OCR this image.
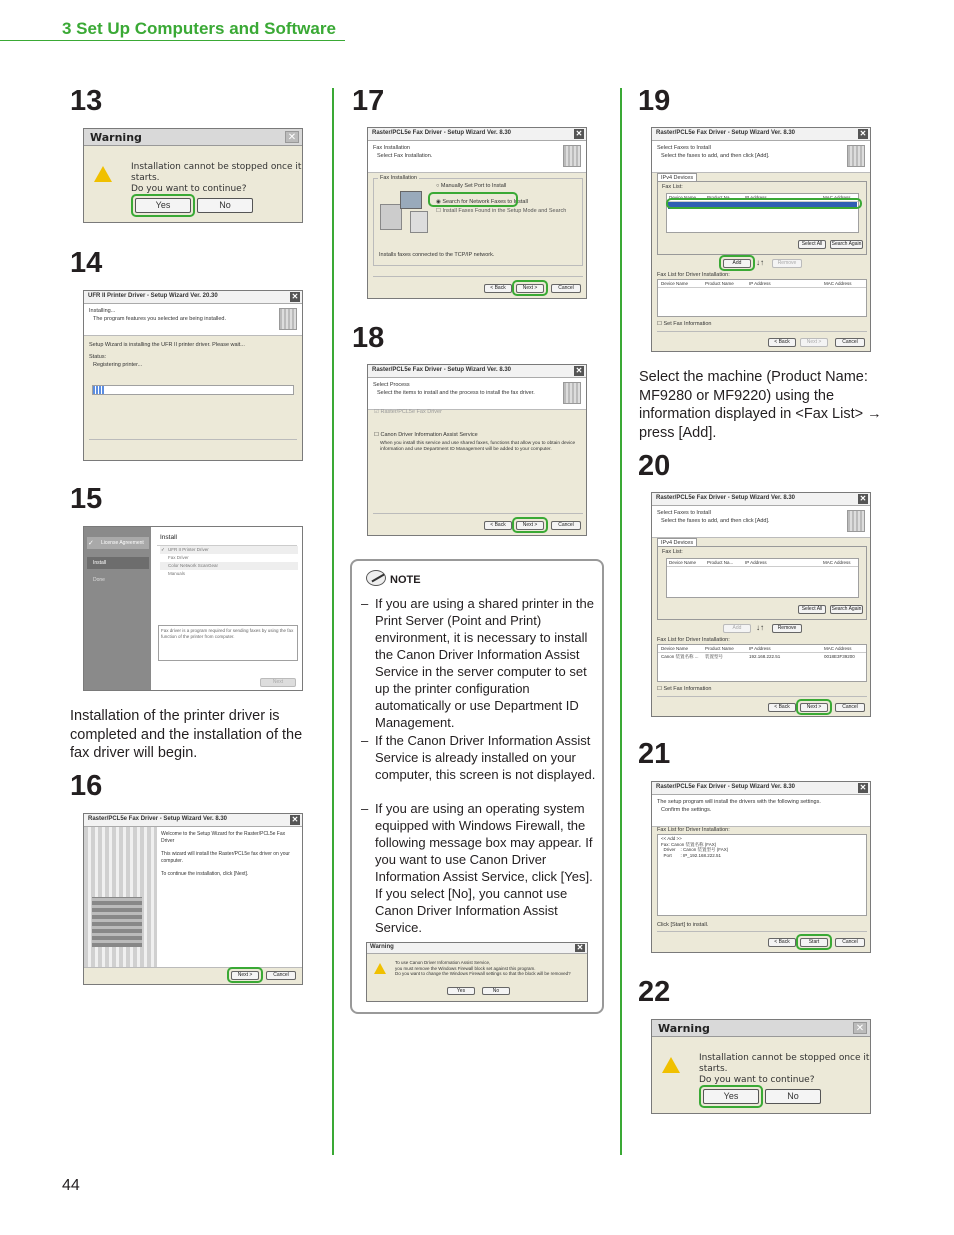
3 Set Up Computers and Software
13
Warning	✕
Installation cannot be stopped once it starts.
Do you want to continue?
Yes	No
14
UFR II Printer Driver - Setup Wizard Ver. 20.30	✕
Installing...
The program features you selected are being installed.
Setup Wizard is installing the UFR II printer driver. Please wait...
Status:
Registering printer...
15
License Agreement
✓
Install
Done
Install
✓ UFR II Printer Driver
Fax Driver
Color Network ScanGear
Manuals
Fax driver is a program required for sending faxes by using the fax function of the printer from computer.
Next
Installation of the printer driver is completed and the installation of the fax driver will begin.
16
Raster/PCL5e Fax Driver - Setup Wizard Ver. 8.30	✕
Welcome to the Setup Wizard for the Raster/PCL5e Fax Driver
This wizard will install the Raster/PCL5e fax driver on your computer.
To continue the installation, click [Next].
Next >	Cancel
44
17
Raster/PCL5e Fax Driver - Setup Wizard Ver. 8.30	✕
Fax Installation
Select Fax Installation.
Fax Installation
○ Manually Set Port to Install
◉ Search for Network Faxes to Install
☐ Install Faxes Found in the Setup Mode and Search
Installs faxes connected to the TCP/IP network.
< Back	Next >	Cancel
18
Raster/PCL5e Fax Driver - Setup Wizard Ver. 8.30	✕
Select Process
Select the items to install and the process to install the fax driver.
☑ Raster/PCL5e Fax Driver
☐ Canon Driver Information Assist Service
When you install this service and use shared faxes, functions that allow you to obtain device information and use Department ID Management will be added to your computer.
< Back	Next >	Cancel
NOTE
– If you are using a shared printer in the Print Server (Point and Print) environment, it is necessary to install the Canon Driver Information Assist Service in the server computer to set up the printer configuration automatically or use Department ID Management.
– If the Canon Driver Information Assist Service is already installed on your computer, this screen is not displayed.
– If you are using an operating system equipped with Windows Firewall, the following message box may appear. If you want to use Canon Driver Information Assist Service, click [Yes]. If you select [No], you cannot use Canon Driver Information Assist Service.
Warning	✕
To use Canon Driver Information Assist Service,
you must remove the Windows Firewall block set against this program.
Do you want to change the Windows Firewall settings so that the block will be removed?
Yes	No
19
Raster/PCL5e Fax Driver - Setup Wizard Ver. 8.30	✕
Select Faxes to Install
Select the faxes to add, and then click [Add].
IPv4 Devices
Fax List:
Device Name	Product Na...	IP Address	MAC Address
Select All	Search Again
Add	↓↑	Remove
Fax List for Driver Installation:
Device Name	Product Name	IP Address	MAC Address
☐ Set Fax Information
< Back	Next >	Cancel
Select the machine (Product Name: MF9280 or MF9220) using the information displayed in <Fax List> → press [Add].
20
Raster/PCL5e Fax Driver - Setup Wizard Ver. 8.30	✕
Select Faxes to Install
Select the faxes to add, and then click [Add].
IPv4 Devices
Fax List:
Device Name	Product Na...	IP Address	MAC Address
Select All	Search Again
Add	↓↑	Remove
Fax List for Driver Installation:
Device Name	Product Name	IP Address	MAC Address
Canon 装置名称 ...	装置型号	192.168.222.51	0018E3F39200
☐ Set Fax Information
< Back	Next >	Cancel
21
Raster/PCL5e Fax Driver - Setup Wizard Ver. 8.30	✕
The setup program will install the drivers with the following settings.
Confirm the settings.
Fax List for Driver Installation:
<< Add >>
Fax: Canon 装置名称 (FAX)
Driver    : Canon 装置型号 (FAX)
Port       : IP_192.168.222.51
Click [Start] to install.
< Back	Start	Cancel
22
Warning	✕
Installation cannot be stopped once it starts.
Do you want to continue?
Yes	No
